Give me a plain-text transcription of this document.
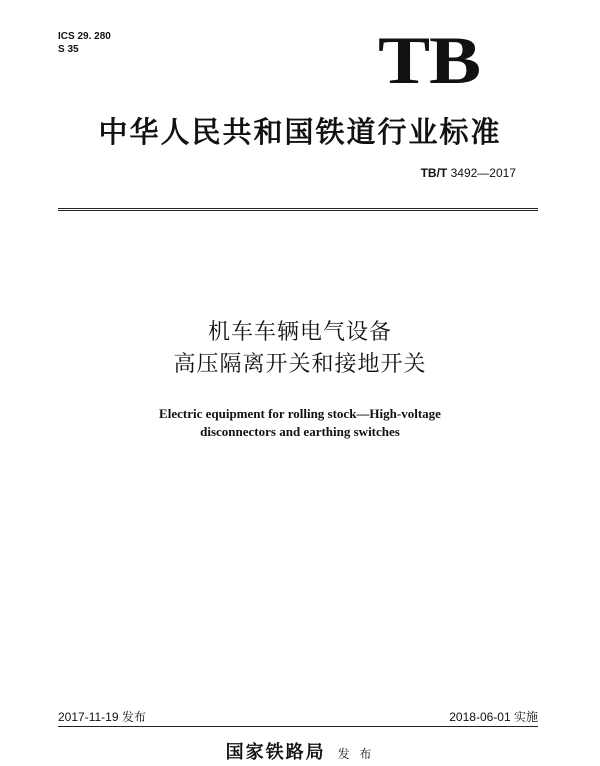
ICS 29. 280
S 35	TB
中华人民共和国铁道行业标准
TB/T 3492—2017
机车车辆电气设备
高压隔离开关和接地开关
Electric equipment for rolling stock—High-voltage
disconnectors and earthing switches
2017-11-19 发布	2018-06-01 实施
国家铁路局 发 布
